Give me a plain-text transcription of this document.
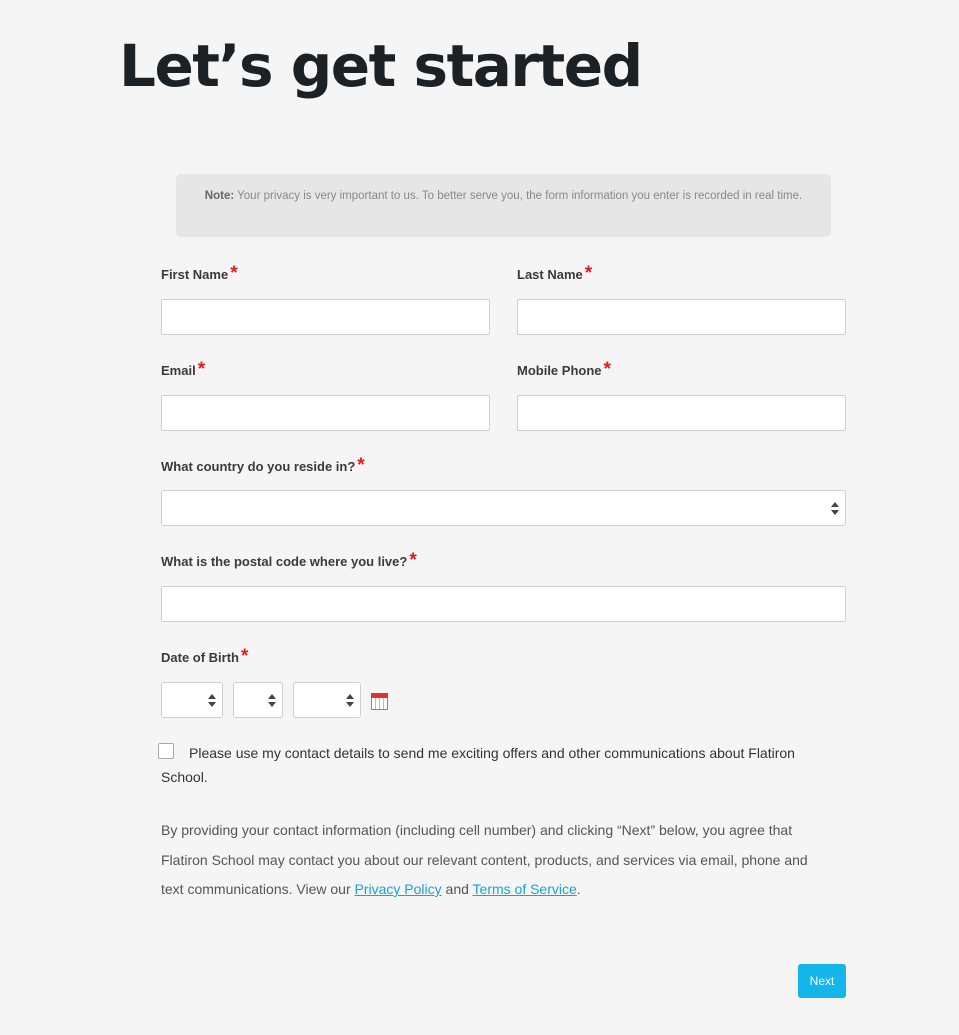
Let’s get started
Note: Your privacy is very important to us. To better serve you, the form information you enter is recorded in real time.
First Name *	Last Name *
Email *	Mobile Phone *
What country do you reside in? *
What is the postal code where you live? *
Date of Birth *
Please use my contact details to send me exciting offers and other communications about Flatiron School.
By providing your contact information (including cell number) and clicking “Next” below, you agree that Flatiron School may contact you about our relevant content, products, and services via email, phone and text communications. View our Privacy Policy and Terms of Service.
Next
